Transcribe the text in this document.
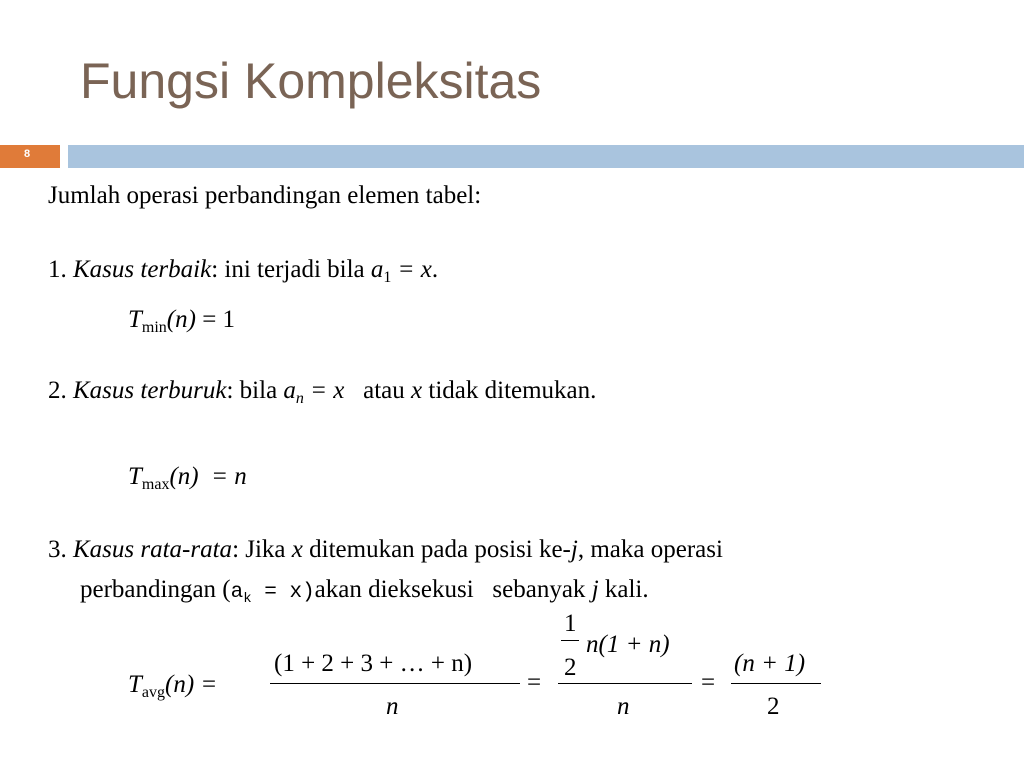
Fungsi Kompleksitas
8
Jumlah operasi perbandingan elemen tabel:
1. Kasus terbaik: ini terjadi bila $a_1 = x$.
$T_{min}(n) = 1$
2. Kasus terburuk: bila $a_n = x$ atau x tidak ditemukan.
$T_{max}(n) = n$
3. Kasus rata-rata: Jika x ditemukan pada posisi ke-j, maka operasi
perbandingan ($a_k$ = x)akan dieksekusi sebanyak j kali.
$T_{avg}(n)$ =
(1 + 2 + 3 + … + n)
n
=
1
2
n(1 + n)
n
=
(n + 1)
2
